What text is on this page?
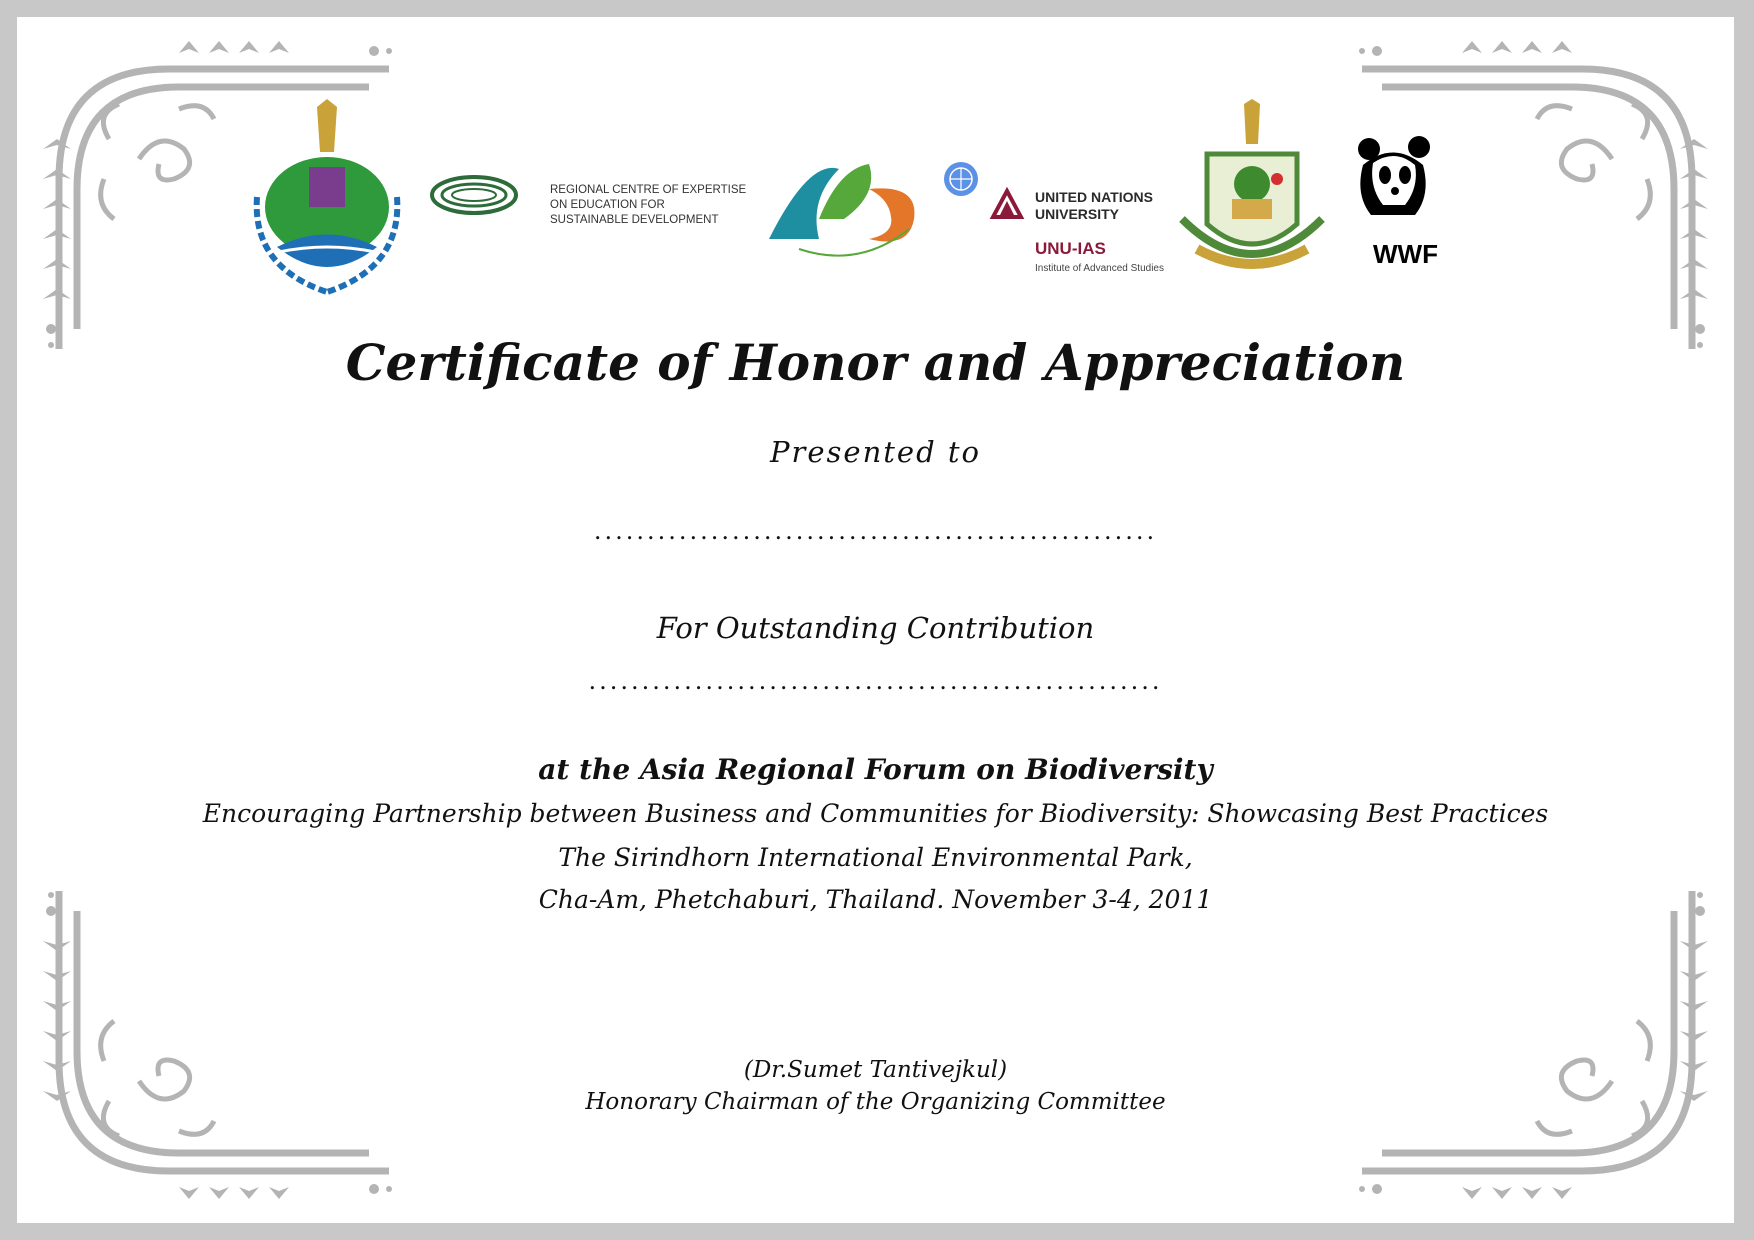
REGIONAL CENTRE OF EXPERTISE
ON EDUCATION FOR
SUSTAINABLE DEVELOPMENT
UNITED NATIONS
UNIVERSITY
UNU-IAS
Institute of Advanced Studies	WWF
Certificate of Honor and Appreciation
Presented to
.....................................................
For Outstanding Contribution
......................................................
at the Asia Regional Forum on Biodiversity
Encouraging Partnership between Business and Communities for Biodiversity: Showcasing Best Practices
The Sirindhorn International Environmental Park,
Cha-Am, Phetchaburi, Thailand. November 3-4, 2011
(Dr.Sumet Tantivejkul)
Honorary Chairman of the Organizing Committee
